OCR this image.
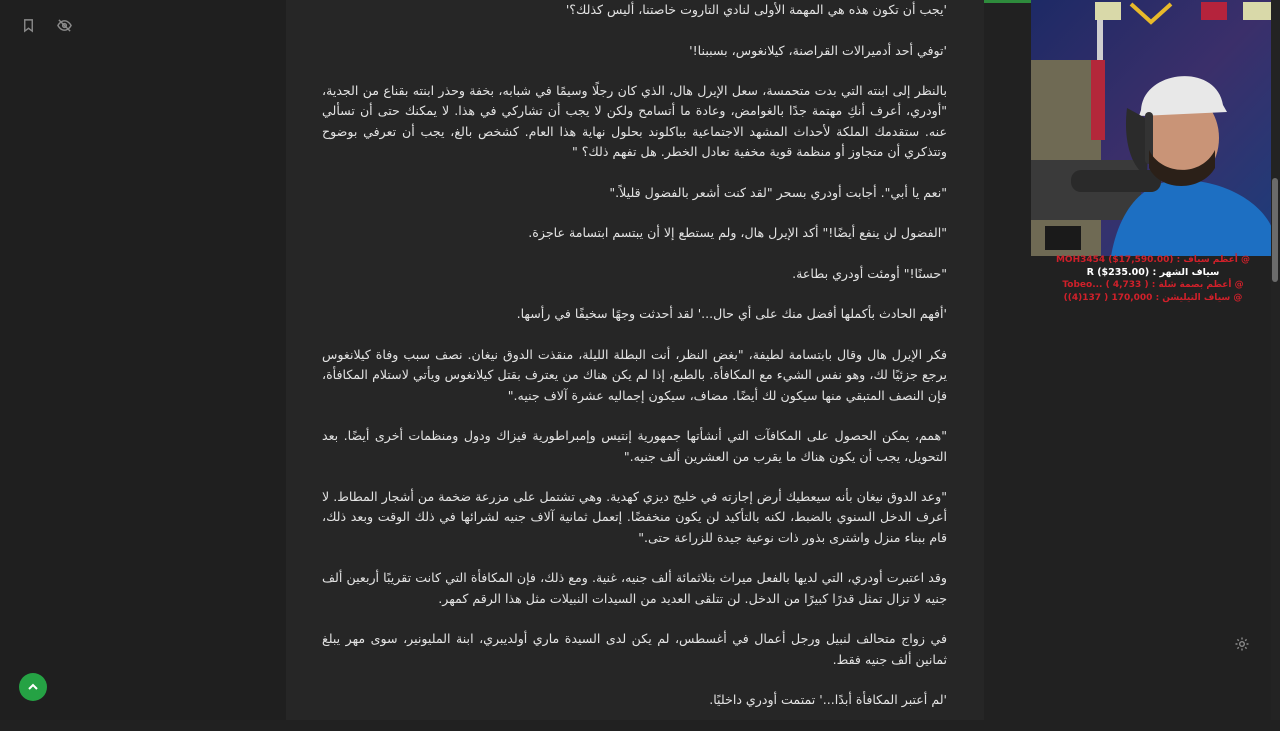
'يجب أن تكون هذه هي المهمة الأولى لنادي التاروت خاصتنا، أليس كذلك؟'

'توفي أحد أدميرالات القراصنة، كيلانغوس، بسببنا!'

بالنظر إلى ابنته التي بدت متحمسة، سعل الإيرل هال، الذي كان رجلًا وسيمًا في شبابه، بخفة وحذر ابنته بقناع من الجدية، "أودري، أعرف أنكِ مهتمة جدًا بالغوامض، وعادة ما أتسامح ولكن لا يجب أن تشاركي في هذا. لا يمكنك حتى أن تسألي عنه. ستقدمك الملكة لأحداث المشهد الاجتماعية بباكلوند بحلول نهاية هذا العام. كشخص بالغ، يجب أن تعرفي بوضوح وتتذكري أن متجاوز أو منظمة قوية مخفية تعادل الخطر. هل تفهم ذلك؟ "

"نعم يا أبي". أجابت أودري بسحر "لقد كنت أشعر بالفضول قليلاً."

"الفضول لن ينفع أيضًا!" أكد الإيرل هال، ولم يستطع إلا أن يبتسم ابتسامة عاجزة.

"حسنًا!" أومئت أودري بطاعة.

'أفهم الحادث بأكملها أفضل منك على أي حال...' لقد أحدثت وجهًا سخيفًا في رأسها.

فكر الإيرل هال وقال بابتسامة لطيفة، "بغض النظر، أنت البطلة الليلة، منقذت الدوق نيغان. نصف سبب وفاة كيلانغوس يرجع جزئيًا لك، وهو نفس الشيء مع المكافأة. بالطبع، إذا لم يكن هناك من يعترف بقتل كيلانغوس ويأتي لاستلام المكافأة، فإن النصف المتبقي منها سيكون لك أيضًا. مضاف، سيكون إجماليه عشرة آلاف جنيه."

"همم، يمكن الحصول على المكافآت التي أنشأتها جمهورية إنتيس وإمبراطورية فيزاك ودول ومنظمات أخرى أيضًا. بعد التحويل، يجب أن يكون هناك ما يقرب من العشرين ألف جنيه."

"وعد الدوق نيغان بأنه سيعطيك أرض إجازته في خليج ديزي كهدية. وهي تشتمل على مزرعة ضخمة من أشجار المطاط. لا أعرف الدخل السنوي بالضبط، لكنه بالتأكيد لن يكون منخفضًا. إتعمل ثمانية آلاف جنيه لشرائها في ذلك الوقت وبعد ذلك، قام ببناء منزل واشترى بذور ذات نوعية جيدة للزراعة حتى."

وقد اعتبرت أودري، التي لديها بالفعل ميراث بثلاثمائة ألف جنيه، غنية. ومع ذلك، فإن المكافأة التي كانت تقريبًا أربعين ألف جنيه لا تزال تمثل قدرًا كبيرًا من الدخل. لن تتلقى العديد من السيدات النبيلات مثل هذا الرقم كمهر.

في زواج متحالف لنبيل ورجل أعمال في أغسطس، لم يكن لدى السيدة ماري أولديبري، ابنة المليونير، سوى مهر يبلغ ثمانين ألف جنيه فقط.

'لم أعتبر المكافأة أبدًا...' تمتمت أودري داخليًا.

@ أعظم سياف : MOH3454 ($17,590.00)
سياف الشهر : R ($235.00)
@ أعظم بصمة شلة : Tobeo... ( 4,733 )
@ سياف التيليشن : 170,000 ( 137(4))
